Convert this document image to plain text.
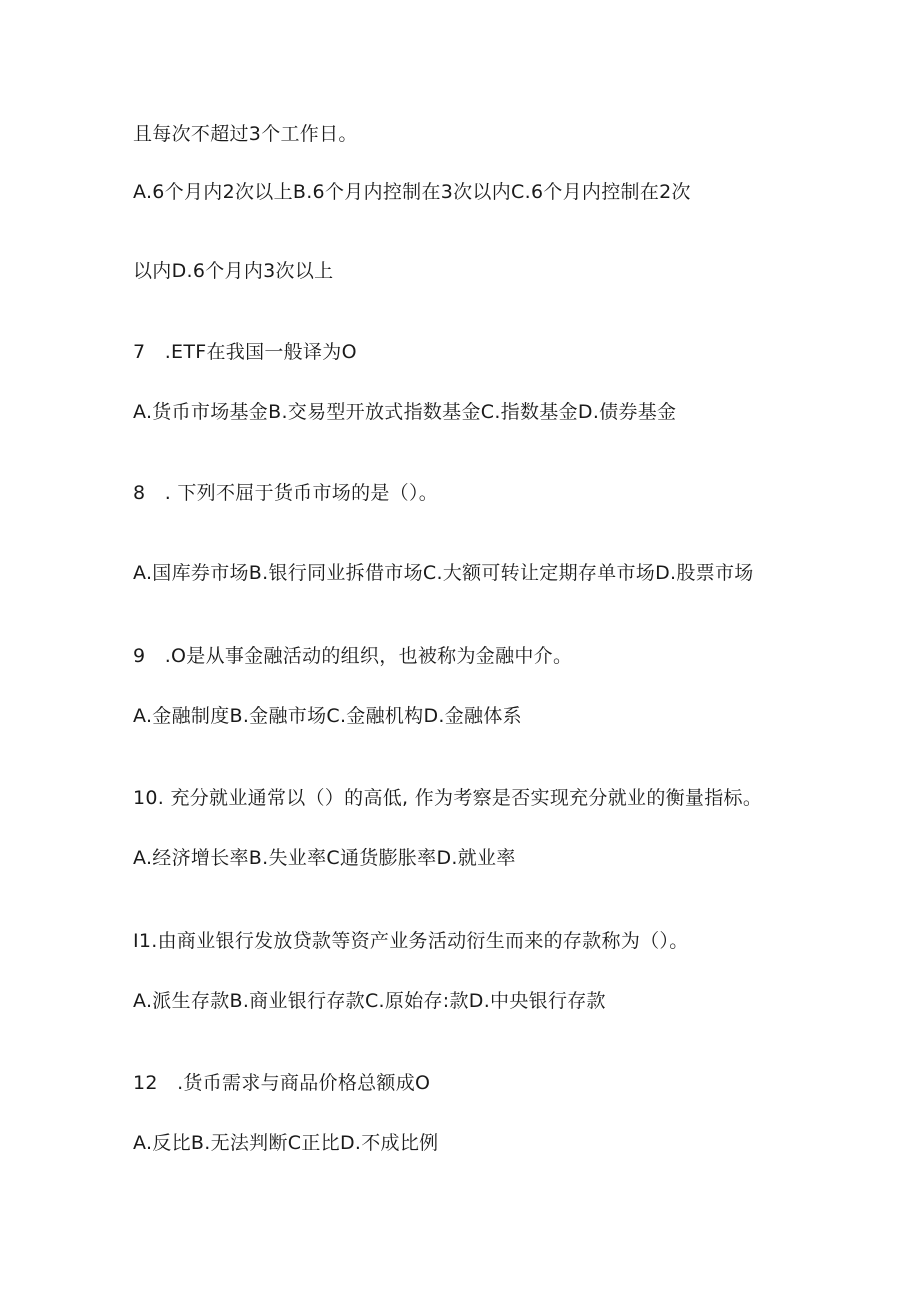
且每次不超过3个工作日。
A.6个月内2次以上B.6个月内控制在3次以内C.6个月内控制在2次
以内D.6个月内3次以上
7 .ETF在我国一般译为O
A.货币市场基金B.交易型开放式指数基金C.指数基金D.债券基金
8 . 下列不屈于货币市场的是（）。
A.国库券市场B.银行同业拆借市场C.大额可转让定期存单市场D.股票市场
9 .O是从事金融活动的组织，也被称为金融中介。
A.金融制度B.金融市场C.金融机构D.金融体系
10. 充分就业通常以（）的高低, 作为考察是否实现充分就业的衡量指标。
A.经济增长率B.失业率C通货膨胀率D.就业率
I1.由商业银行发放贷款等资产业务活动衍生而来的存款称为（）。
A.派生存款B.商业银行存款C.原始存:款D.中央银行存款
12 .货币需求与商品价格总额成O
A.反比B.无法判断C正比D.不成比例
